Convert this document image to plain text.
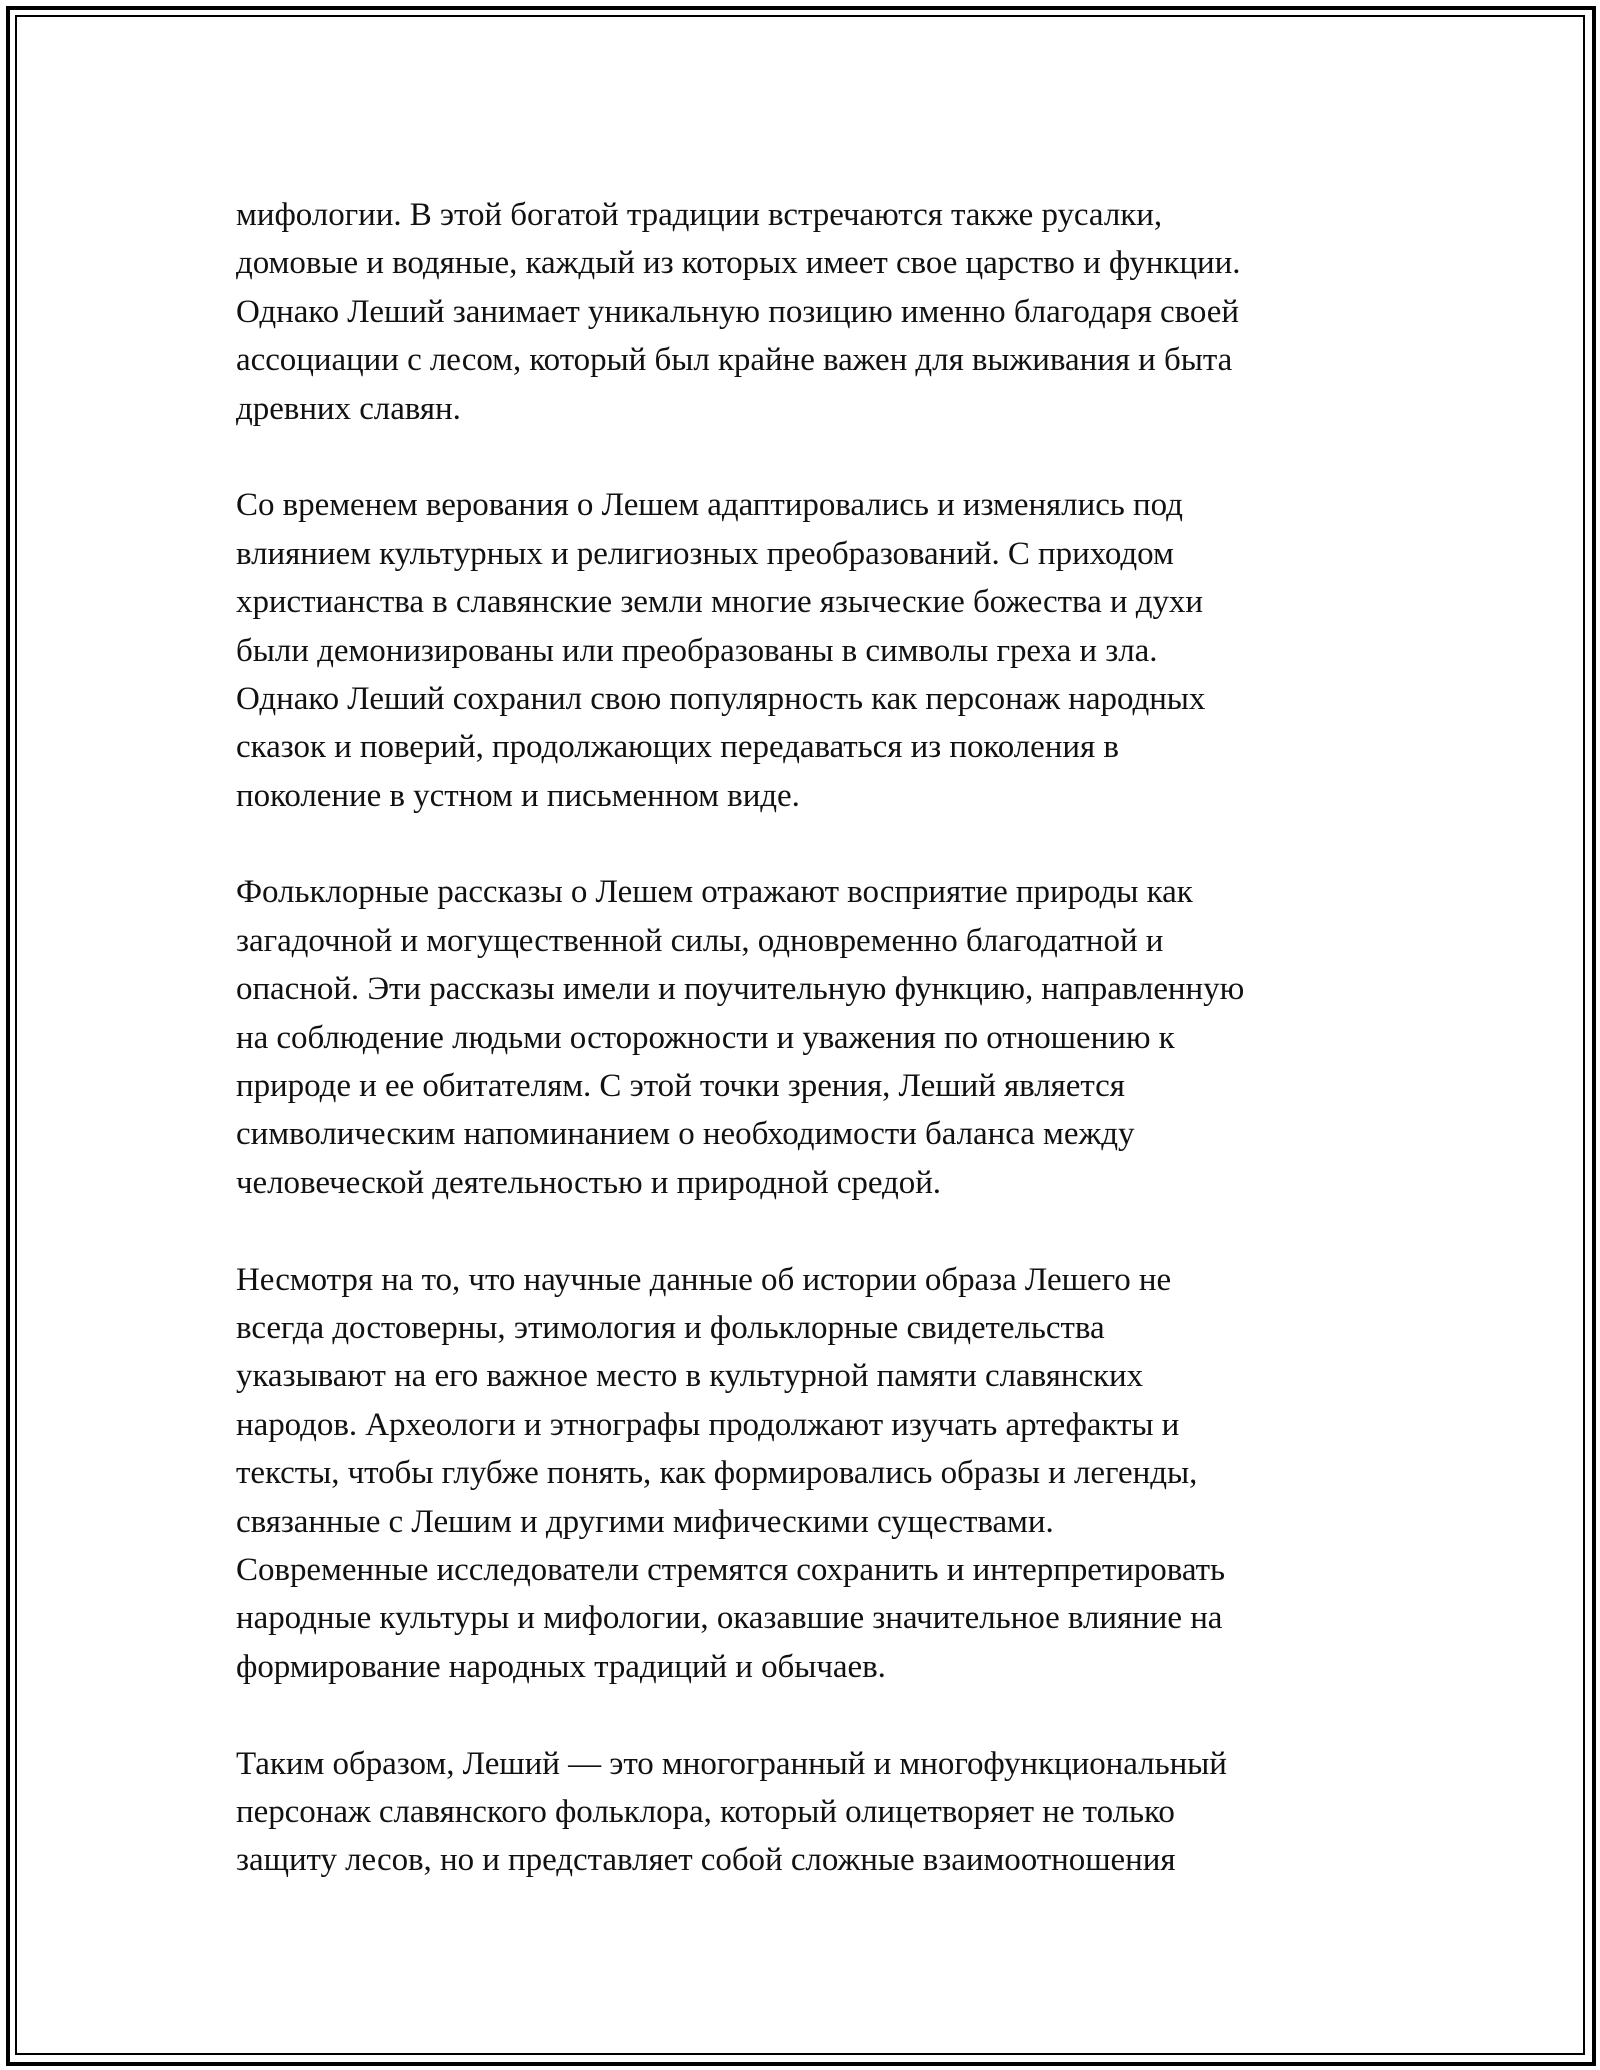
мифологии. В этой богатой традиции встречаются также русалки,
домовые и водяные, каждый из которых имеет свое царство и функции.
Однако Леший занимает уникальную позицию именно благодаря своей
ассоциации с лесом, который был крайне важен для выживания и быта
древних славян.

Со временем верования о Лешем адаптировались и изменялись под
влиянием культурных и религиозных преобразований. С приходом
христианства в славянские земли многие языческие божества и духи
были демонизированы или преобразованы в символы греха и зла.
Однако Леший сохранил свою популярность как персонаж народных
сказок и поверий, продолжающих передаваться из поколения в
поколение в устном и письменном виде.

Фольклорные рассказы о Лешем отражают восприятие природы как
загадочной и могущественной силы, одновременно благодатной и
опасной. Эти рассказы имели и поучительную функцию, направленную
на соблюдение людьми осторожности и уважения по отношению к
природе и ее обитателям. С этой точки зрения, Леший является
символическим напоминанием о необходимости баланса между
человеческой деятельностью и природной средой.

Несмотря на то, что научные данные об истории образа Лешего не
всегда достоверны, этимология и фольклорные свидетельства
указывают на его важное место в культурной памяти славянских
народов. Археологи и этнографы продолжают изучать артефакты и
тексты, чтобы глубже понять, как формировались образы и легенды,
связанные с Лешим и другими мифическими существами.
Современные исследователи стремятся сохранить и интерпретировать
народные культуры и мифологии, оказавшие значительное влияние на
формирование народных традиций и обычаев.

Таким образом, Леший — это многогранный и многофункциональный
персонаж славянского фольклора, который олицетворяет не только
защиту лесов, но и представляет собой сложные взаимоотношения
